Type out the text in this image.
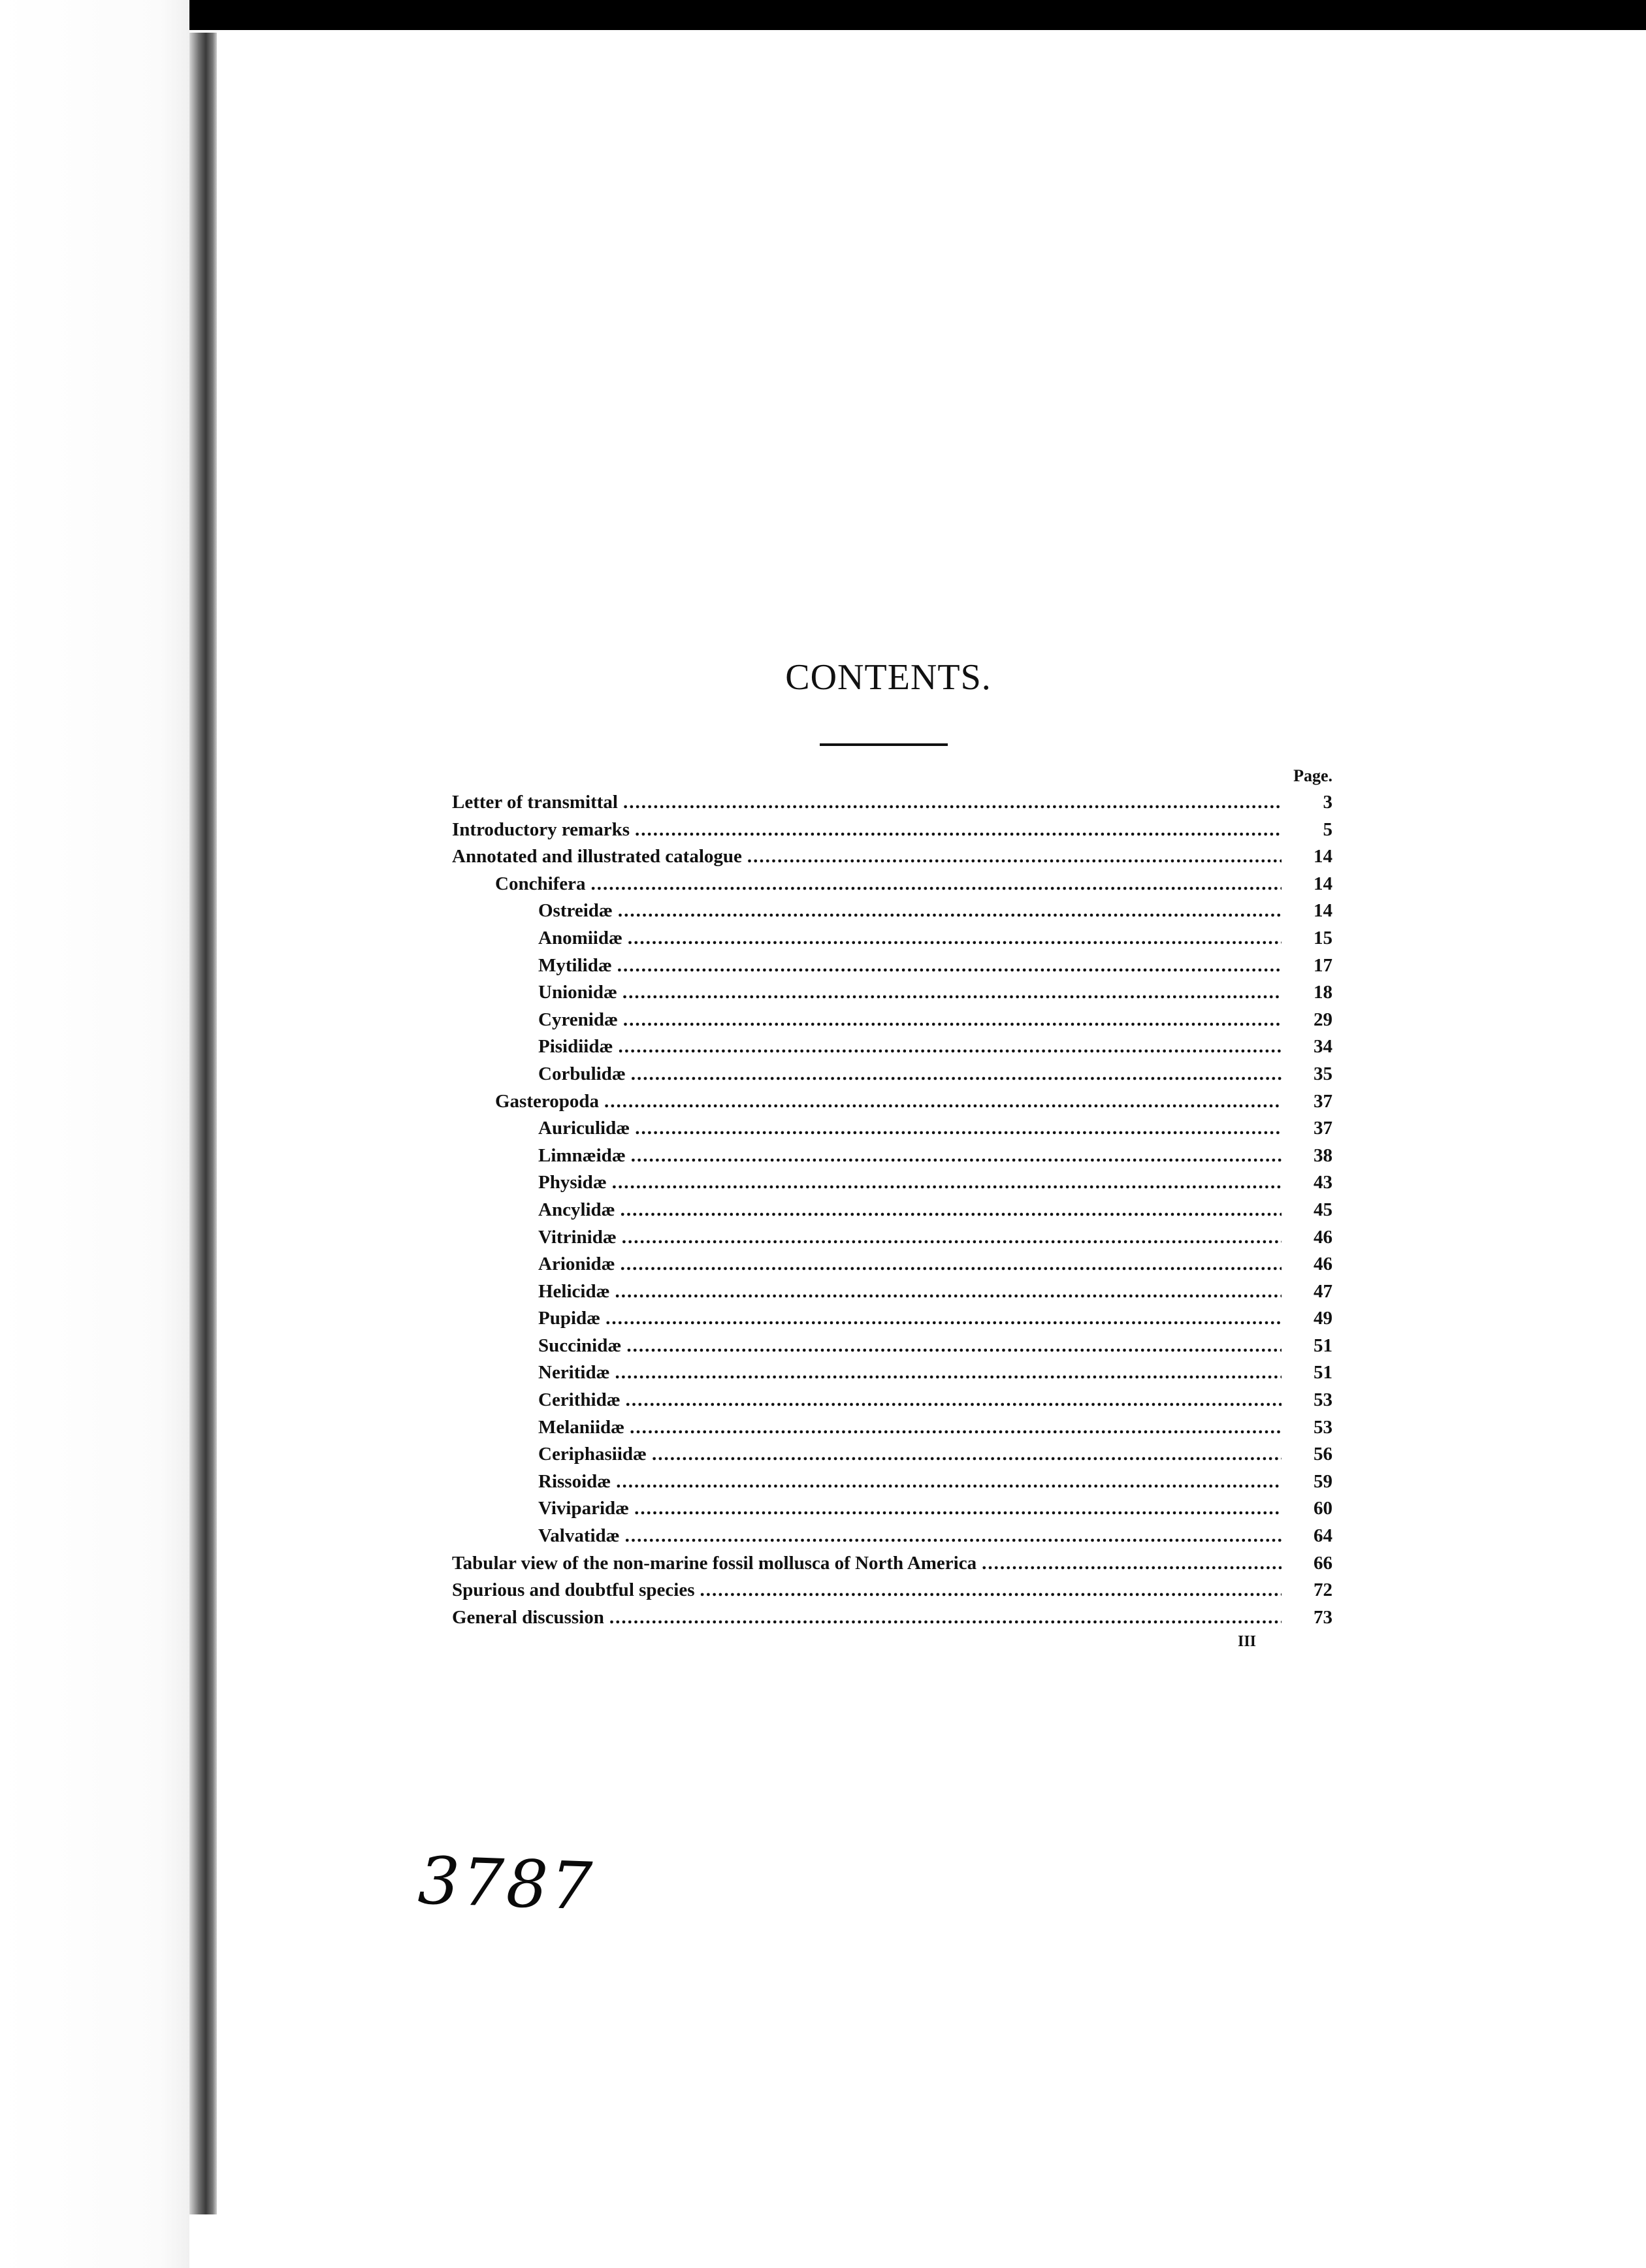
CONTENTS.
Page.
Letter of transmittal .....	3
Introductory remarks .....	5
Annotated and illustrated catalogue .....	14
Conchifera .....	14
Ostreidæ .....	14
Anomiidæ .....	15
Mytilidæ .....	17
Unionidæ .....	18
Cyrenidæ .....	29
Pisidiidæ .....	34
Corbulidæ .....	35
Gasteropoda .....	37
Auriculidæ .....	37
Limnæidæ .....	38
Physidæ .....	43
Ancylidæ .....	45
Vitrinidæ .....	46
Arionidæ .....	46
Helicidæ .....	47
Pupidæ .....	49
Succinidæ .....	51
Neritidæ .....	51
Cerithidæ .....	53
Melaniidæ .....	53
Ceriphasiidæ .....	56
Rissoidæ .....	59
Viviparidæ .....	60
Valvatidæ .....	64
Tabular view of the non-marine fossil mollusca of North America .....	66
Spurious and doubtful species .....	72
General discussion .....	73
III
3787
